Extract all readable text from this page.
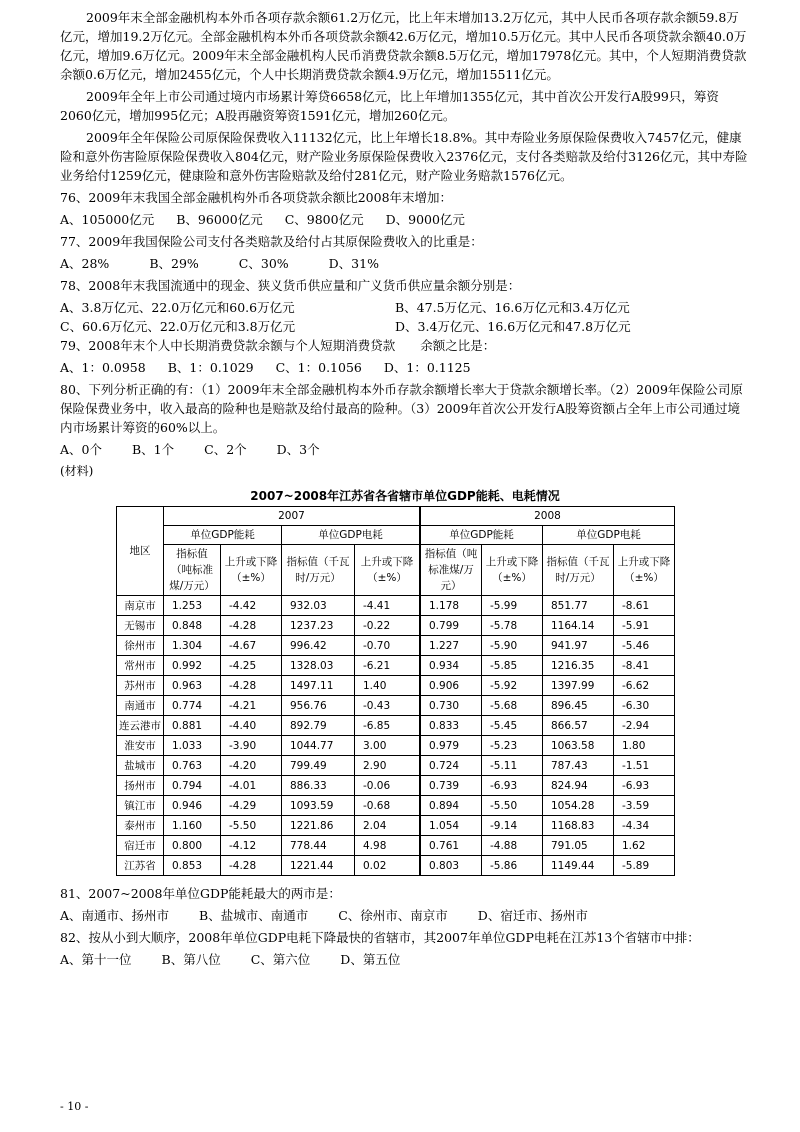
2009年末全部金融机构本外币各项存款余额61.2万亿元，比上年末增加13.2万亿元，其中人民币各项存款余额59.8万亿元，增加19.2万亿元。全部金融机构本外币各项贷款余额42.6万亿元，增加10.5万亿元。其中人民币各项贷款余额40.0万亿元，增加9.6万亿元。2009年末全部金融机构人民币消费贷款余额8.5万亿元，增加17978亿元。其中，个人短期消费贷款余额0.6万亿元，增加2455亿元，个人中长期消费贷款余额4.9万亿元，增加15511亿元。

2009年全年上市公司通过境内市场累计筹贷6658亿元，比上年增加1355亿元，其中首次公开发行A股99只，筹资2060亿元，增加995亿元；A股再融资筹资1591亿元，增加260亿元。

2009年全年保险公司原保险保费收入11132亿元，比上年增长18.8%。其中寿险业务原保险保费收入7457亿元，健康险和意外伤害险原保险保费收入804亿元，财产险业务原保险保费收入2376亿元，支付各类赔款及给付3126亿元，其中寿险业务给付1259亿元，健康险和意外伤害险赔款及给付281亿元，财产险业务赔款1576亿元。

76、2009年末我国全部金融机构外币各项贷款余额比2008年末增加：

A、105000亿元 B、96000亿元 C、9800亿元 D、9000亿元

77、2009年我国保险公司支付各类赔款及给付占其原保险费收入的比重是：

A、28%	B、29%	C、30%	D、31%

78、2008年末我国流通中的现金、狭义货币供应量和广义货币供应量余额分别是：

A、3.8万亿元、22.0万亿元和60.6万亿元	B、47.5万亿元、16.6万亿元和3.4万亿元
C、60.6万亿元、22.0万亿元和3.8万亿元	D、3.4万亿元、16.6万亿元和47.8万亿元

79、2008年末个人中长期消费贷款余额与个人短期消费贷款　　余额之比是：

A、1：0.0958 B、1：0.1029 C、1：0.1056 D、1：0.1125

80、下列分析正确的有：（1）2009年末全部金融机构本外币存款余额增长率大于贷款余额增长率。（2）2009年保险公司原保险保费业务中，收入最高的险种也是赔款及给付最高的险种。（3）2009年首次公开发行A股筹资额占全年上市公司通过境内市场累计筹资的60%以上。

A、0个 B、1个 C、2个 D、3个

(材料)

2007~2008年江苏省各省辖市单位GDP能耗、电耗情况
地区	2007				2008			
	单位GDP能耗		单位GDP电耗		单位GDP能耗		单位GDP电耗	
	指标值（吨标准煤/万元）	上升或下降（±%）	指标值（千瓦时/万元）	上升或下降（±%）	指标值（吨标准煤/万元）	上升或下降（±%）	指标值（千瓦时/万元）	上升或下降（±%）
南京市	1.253	-4.42	932.03	-4.41	1.178	-5.99	851.77	-8.61
无锡市	0.848	-4.28	1237.23	-0.22	0.799	-5.78	1164.14	-5.91
徐州市	1.304	-4.67	996.42	-0.70	1.227	-5.90	941.97	-5.46
常州市	0.992	-4.25	1328.03	-6.21	0.934	-5.85	1216.35	-8.41
苏州市	0.963	-4.28	1497.11	1.40	0.906	-5.92	1397.99	-6.62
南通市	0.774	-4.21	956.76	-0.43	0.730	-5.68	896.45	-6.30
连云港市	0.881	-4.40	892.79	-6.85	0.833	-5.45	866.57	-2.94
淮安市	1.033	-3.90	1044.77	3.00	0.979	-5.23	1063.58	1.80
盐城市	0.763	-4.20	799.49	2.90	0.724	-5.11	787.43	-1.51
扬州市	0.794	-4.01	886.33	-0.06	0.739	-6.93	824.94	-6.93
镇江市	0.946	-4.29	1093.59	-0.68	0.894	-5.50	1054.28	-3.59
泰州市	1.160	-5.50	1221.86	2.04	1.054	-9.14	1168.83	-4.34
宿迁市	0.800	-4.12	778.44	4.98	0.761	-4.88	791.05	1.62
江苏省	0.853	-4.28	1221.44	0.02	0.803	-5.86	1149.44	-5.89

81、2007~2008年单位GDP能耗最大的两市是：

A、南通市、扬州市 B、盐城市、南通市 C、徐州市、南京市 D、宿迁市、扬州市

82、按从小到大顺序，2008年单位GDP电耗下降最快的省辖市，其2007年单位GDP电耗在江苏13个省辖市中排：

A、第十一位 B、第八位 C、第六位 D、第五位
- 10 -
